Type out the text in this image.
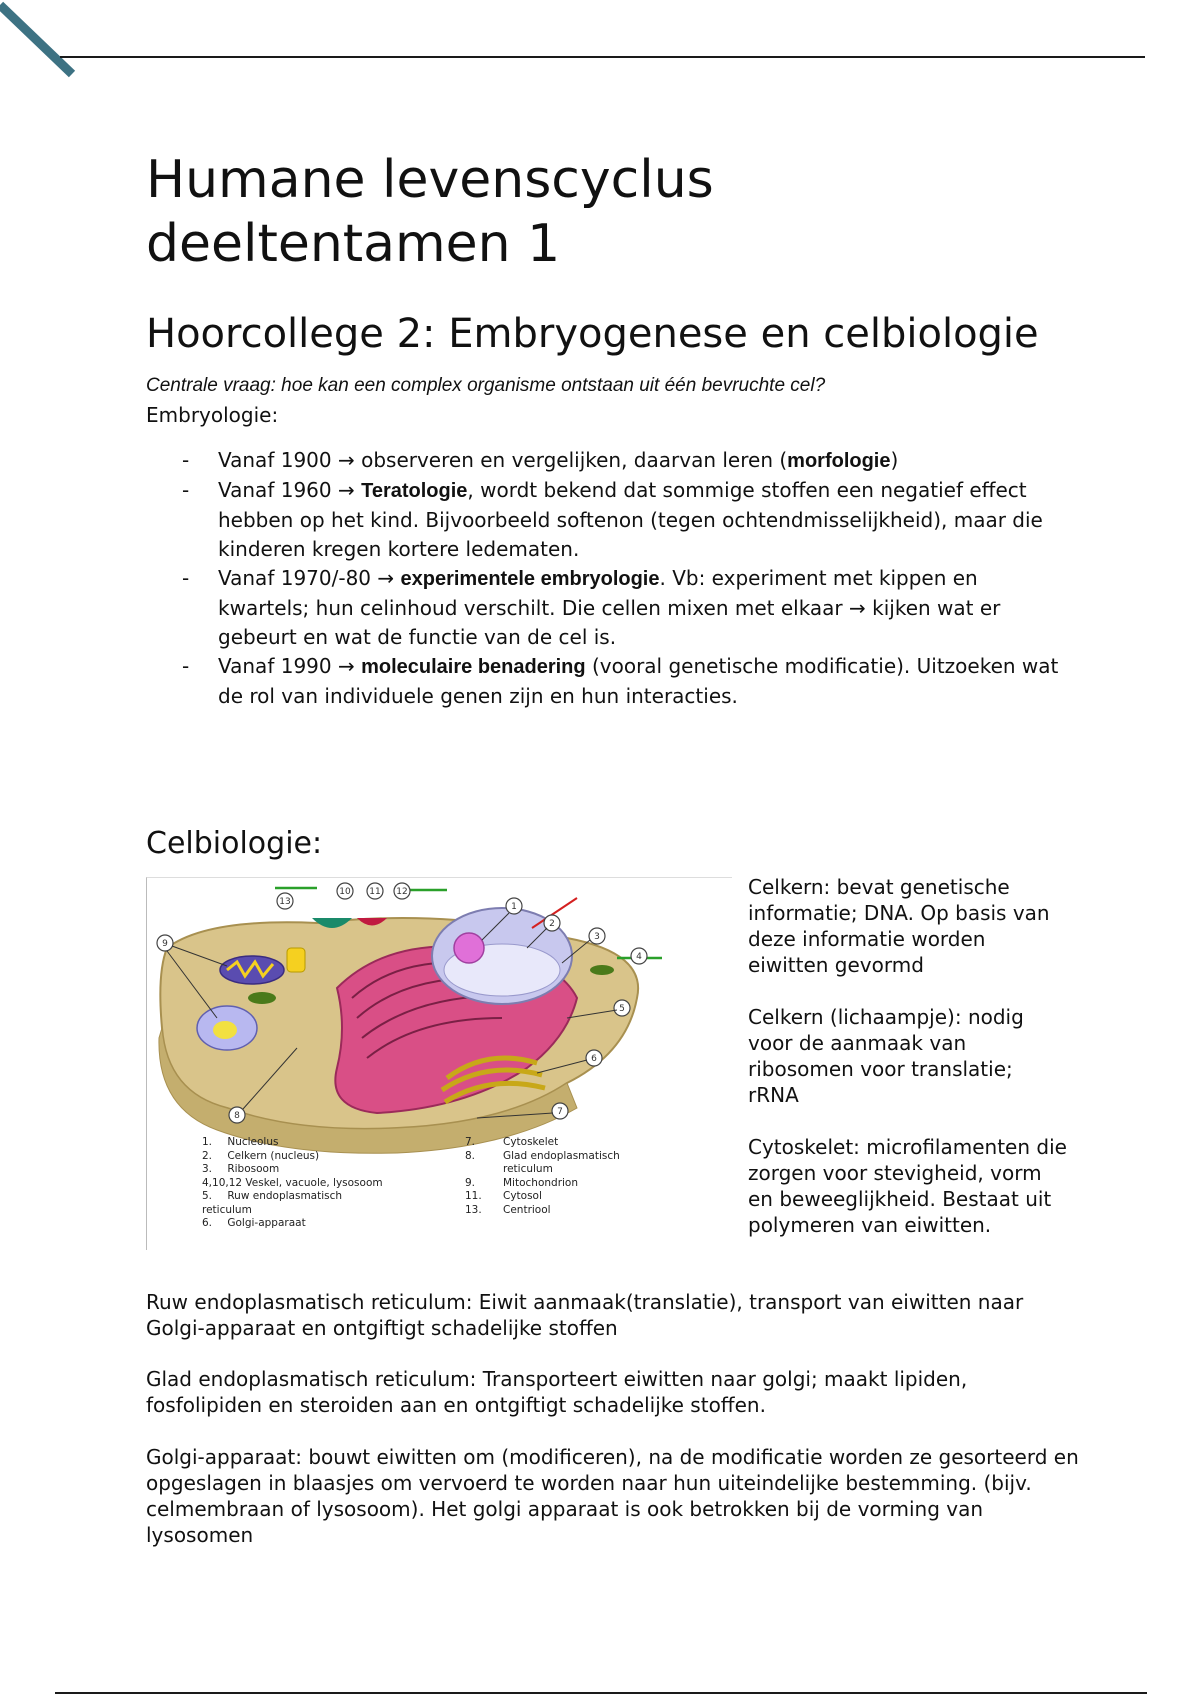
Humane levenscyclus deeltentamen 1
Hoorcollege 2: Embryogenese en celbiologie
Centrale vraag: hoe kan een complex organisme ontstaan uit één bevruchte cel?
Embryologie:
- Vanaf 1900 → observeren en vergelijken, daarvan leren (morfologie)
- Vanaf 1960 → Teratologie, wordt bekend dat sommige stoffen een negatief effect hebben op het kind. Bijvoorbeeld softenon (tegen ochtendmisselijkheid), maar die kinderen kregen kortere ledematen.
- Vanaf 1970/-80 → experimentele embryologie. Vb: experiment met kippen en kwartels; hun celinhoud verschilt. Die cellen mixen met elkaar → kijken wat er gebeurt en wat de functie van de cel is.
- Vanaf 1990 → moleculaire benadering (vooral genetische modificatie). Uitzoeken wat de rol van individuele genen zijn en hun interacties.
Celbiologie:
1
2
3
4
5
6
7
8
9
10 11 12
13
1. Nucleolus
2. Celkern (nucleus)
3. Ribosoom
4,10,12 Veskel, vacuole, lysosoom
5. Ruw endoplasmatisch reticulum
6. Golgi-apparaat
7.	Cytoskelet
8.	Glad endoplasmatisch reticulum
9.	Mitochondrion
11. Cytosol
13. Centriool

Celkern: bevat genetische informatie; DNA. Op basis van deze informatie worden eiwitten gevormd

Celkern (lichaampje): nodig voor de aanmaak van ribosomen voor translatie; rRNA

Cytoskelet: microfilamenten die zorgen voor stevigheid, vorm en beweeglijkheid. Bestaat uit polymeren van eiwitten.

Ruw endoplasmatisch reticulum: Eiwit aanmaak(translatie), transport van eiwitten naar Golgi-apparaat en ontgiftigt schadelijke stoffen

Glad endoplasmatisch reticulum: Transporteert eiwitten naar golgi; maakt lipiden, fosfolipiden en steroiden aan en ontgiftigt schadelijke stoffen.

Golgi-apparaat: bouwt eiwitten om (modificeren), na de modificatie worden ze gesorteerd en opgeslagen in blaasjes om vervoerd te worden naar hun uiteindelijke bestemming. (bijv. celmembraan of lysosoom). Het golgi apparaat is ook betrokken bij de vorming van lysosomen
